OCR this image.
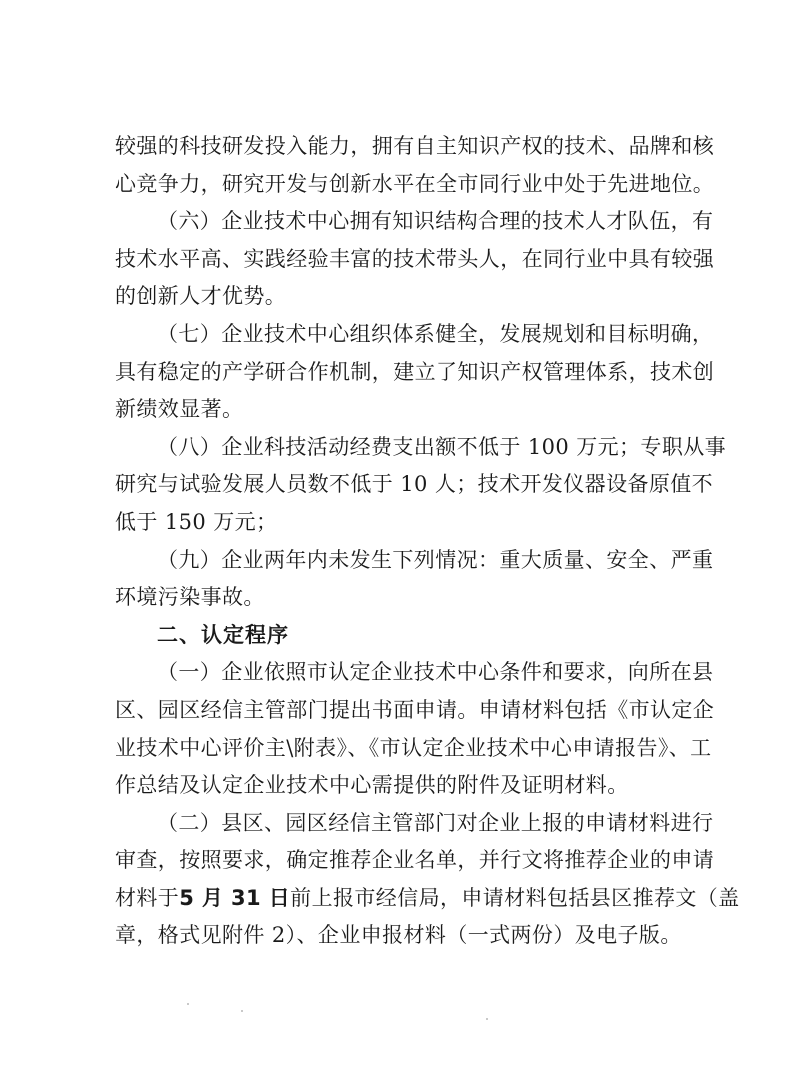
较强的科技研发投入能力，拥有自主知识产权的技术、品牌和核
心竞争力，研究开发与创新水平在全市同行业中处于先进地位。

（六）企业技术中心拥有知识结构合理的技术人才队伍，有
技术水平高、实践经验丰富的技术带头人，在同行业中具有较强
的创新人才优势。

（七）企业技术中心组织体系健全，发展规划和目标明确，
具有稳定的产学研合作机制，建立了知识产权管理体系，技术创
新绩效显著。

（八）企业科技活动经费支出额不低于 100 万元；专职从事
研究与试验发展人员数不低于 10 人；技术开发仪器设备原值不
低于 150 万元；

（九）企业两年内未发生下列情况：重大质量、安全、严重
环境污染事故。

二、认定程序

（一）企业依照市认定企业技术中心条件和要求，向所在县
区、园区经信主管部门提出书面申请。申请材料包括《市认定企
业技术中心评价主\附表》、《市认定企业技术中心申请报告》、工
作总结及认定企业技术中心需提供的附件及证明材料。

（二）县区、园区经信主管部门对企业上报的申请材料进行
审查，按照要求，确定推荐企业名单，并行文将推荐企业的申请
材料于5 月 31 日前上报市经信局，申请材料包括县区推荐文（盖
章，格式见附件 2）、企业申报材料（一式两份）及电子版。
